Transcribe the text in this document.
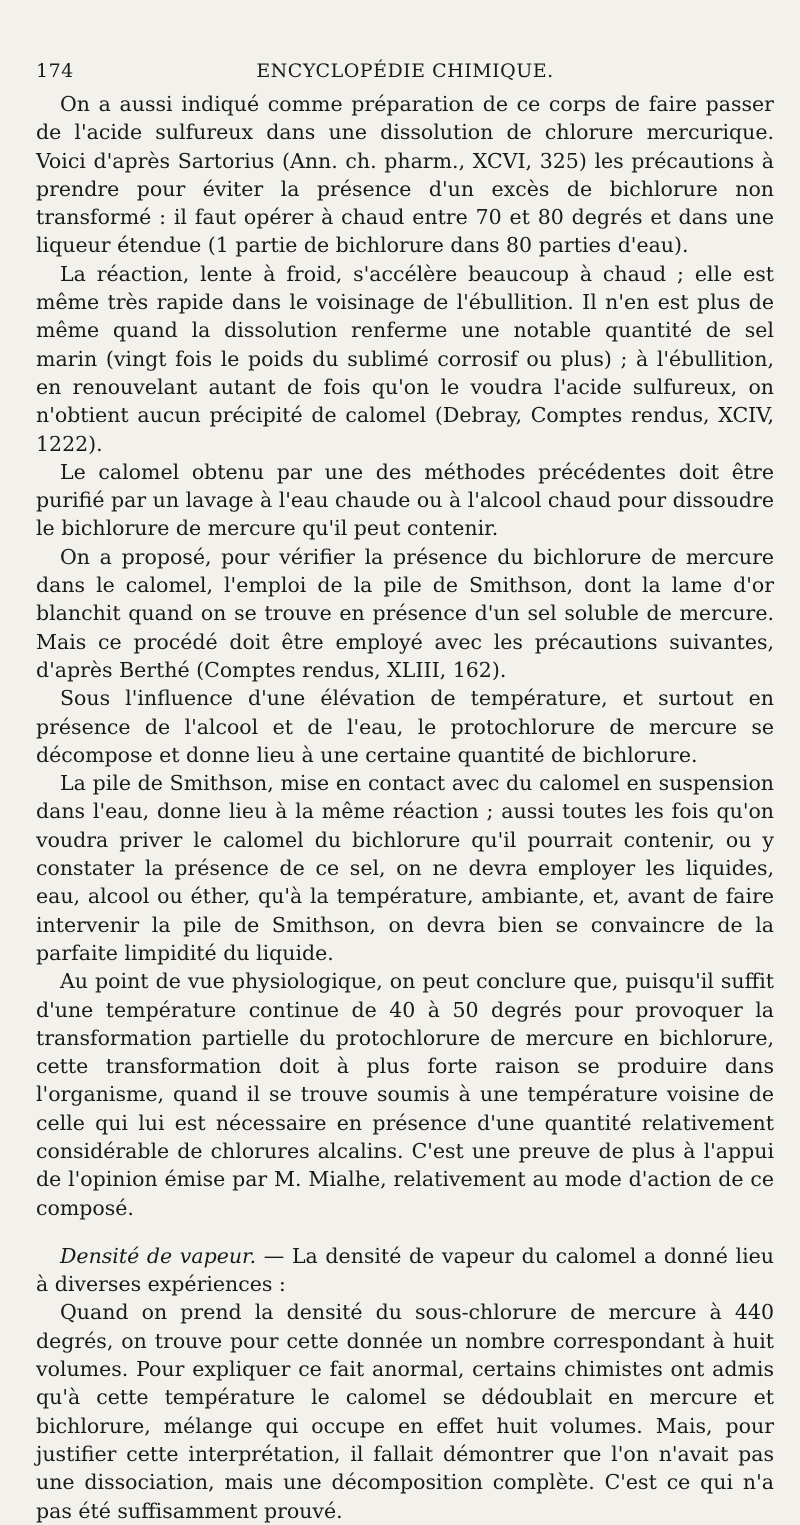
174	ENCYCLOPÉDIE CHIMIQUE.

On a aussi indiqué comme préparation de ce corps de faire passer de l'acide sulfureux dans une dissolution de chlorure mercurique. Voici d'après Sartorius (Ann. ch. pharm., XCVI, 325) les précautions à prendre pour éviter la présence d'un excès de bichlorure non transformé : il faut opérer à chaud entre 70 et 80 degrés et dans une liqueur étendue (1 partie de bichlorure dans 80 parties d'eau).

La réaction, lente à froid, s'accélère beaucoup à chaud ; elle est même très rapide dans le voisinage de l'ébullition. Il n'en est plus de même quand la dissolution renferme une notable quantité de sel marin (vingt fois le poids du sublimé corrosif ou plus) ; à l'ébullition, en renouvelant autant de fois qu'on le voudra l'acide sulfureux, on n'obtient aucun précipité de calomel (Debray, Comptes rendus, XCIV, 1222).

Le calomel obtenu par une des méthodes précédentes doit être purifié par un lavage à l'eau chaude ou à l'alcool chaud pour dissoudre le bichlorure de mercure qu'il peut contenir.

On a proposé, pour vérifier la présence du bichlorure de mercure dans le calomel, l'emploi de la pile de Smithson, dont la lame d'or blanchit quand on se trouve en présence d'un sel soluble de mercure. Mais ce procédé doit être employé avec les précautions suivantes, d'après Berthé (Comptes rendus, XLIII, 162).

Sous l'influence d'une élévation de température, et surtout en présence de l'alcool et de l'eau, le protochlorure de mercure se décompose et donne lieu à une certaine quantité de bichlorure.

La pile de Smithson, mise en contact avec du calomel en suspension dans l'eau, donne lieu à la même réaction ; aussi toutes les fois qu'on voudra priver le calomel du bichlorure qu'il pourrait contenir, ou y constater la présence de ce sel, on ne devra employer les liquides, eau, alcool ou éther, qu'à la température, ambiante, et, avant de faire intervenir la pile de Smithson, on devra bien se convaincre de la parfaite limpidité du liquide.

Au point de vue physiologique, on peut conclure que, puisqu'il suffit d'une température continue de 40 à 50 degrés pour provoquer la transformation partielle du protochlorure de mercure en bichlorure, cette transformation doit à plus forte raison se produire dans l'organisme, quand il se trouve soumis à une température voisine de celle qui lui est nécessaire en présence d'une quantité relativement considérable de chlorures alcalins. C'est une preuve de plus à l'appui de l'opinion émise par M. Mialhe, relativement au mode d'action de ce composé.

Densité de vapeur. — La densité de vapeur du calomel a donné lieu à diverses expériences :

Quand on prend la densité du sous-chlorure de mercure à 440 degrés, on trouve pour cette donnée un nombre correspondant à huit volumes. Pour expliquer ce fait anormal, certains chimistes ont admis qu'à cette température le calomel se dédoublait en mercure et bichlorure, mélange qui occupe en effet huit volumes. Mais, pour justifier cette interprétation, il fallait démontrer que l'on n'avait pas une dissociation, mais une décomposition complète. C'est ce qui n'a pas été suffisamment prouvé.
